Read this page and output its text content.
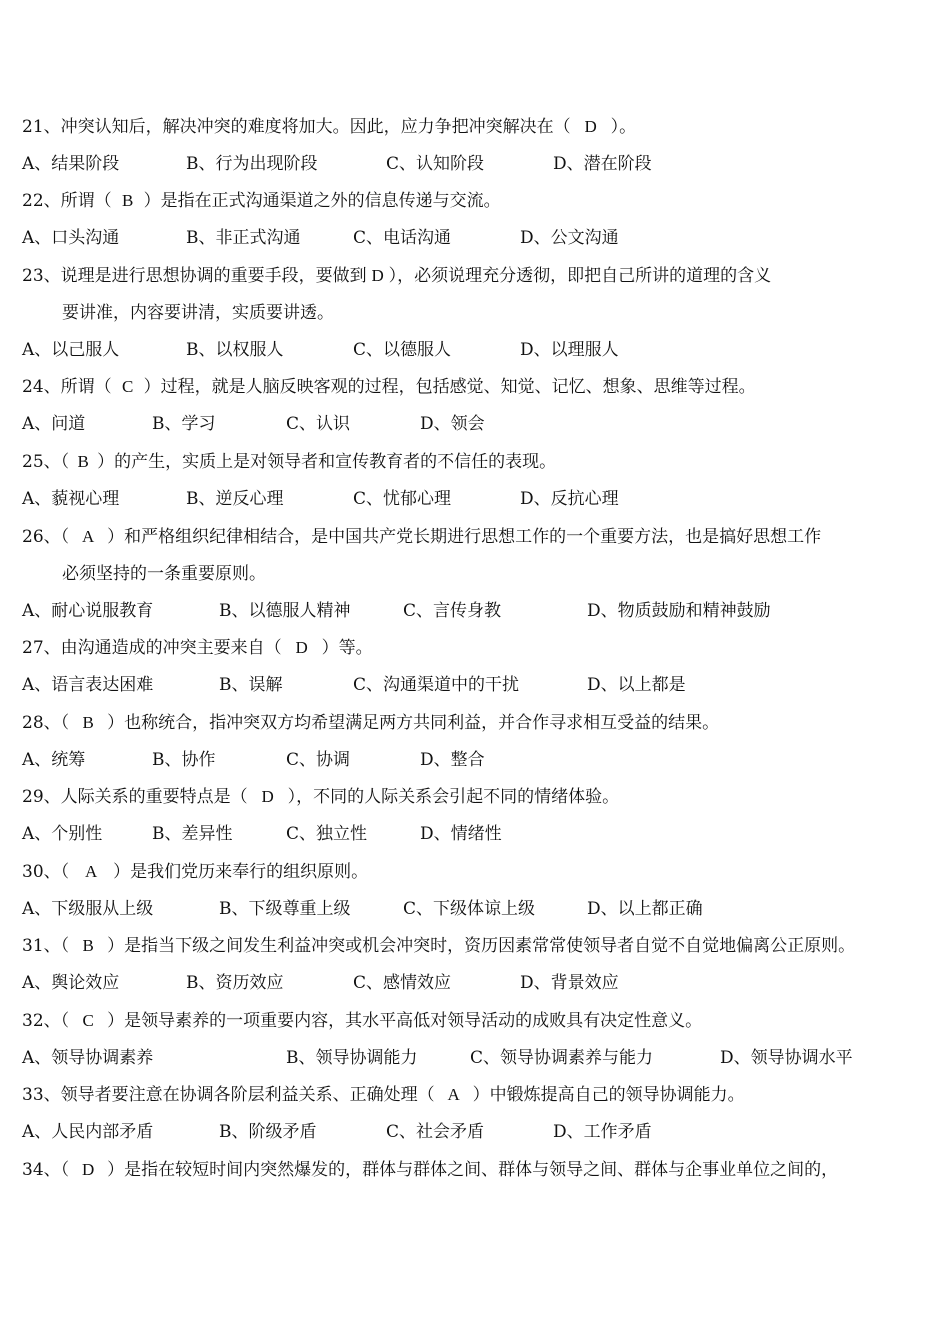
21、冲突认知后，解决冲突的难度将加大。因此，应力争把冲突解决在（ D ）。
A、结果阶段	B、行为出现阶段	C、认知阶段	D、潜在阶段
22、所谓（ B ）是指在正式沟通渠道之外的信息传递与交流。
A、口头沟通	B、非正式沟通	C、电话沟通	D、公文沟通
23、说理是进行思想协调的重要手段，要做到 D ），必须说理充分透彻，即把自己所讲的道理的含义
要讲准，内容要讲清，实质要讲透。
A、以己服人	B、以权服人	C、以德服人	D、以理服人
24、所谓（ C ）过程，就是人脑反映客观的过程，包括感觉、知觉、记忆、想象、思维等过程。
A、问道	B、学习	C、认识	D、领会
25、（ B ）的产生，实质上是对领导者和宣传教育者的不信任的表现。
A、藐视心理	B、逆反心理	C、忧郁心理	D、反抗心理
26、（ A ）和严格组织纪律相结合，是中国共产党长期进行思想工作的一个重要方法，也是搞好思想工作
必须坚持的一条重要原则。
A、耐心说服教育	B、以德服人精神	C、言传身教	D、物质鼓励和精神鼓励
27、由沟通造成的冲突主要来自（ D ）等。
A、语言表达困难	B、误解	C、沟通渠道中的干扰	D、以上都是
28、（ B ）也称统合，指冲突双方均希望满足两方共同利益，并合作寻求相互受益的结果。
A、统筹	B、协作	C、协调	D、整合
29、人际关系的重要特点是（ D ），不同的人际关系会引起不同的情绪体验。
A、个别性	B、差异性	C、独立性	D、情绪性
30、（ A ）是我们党历来奉行的组织原则。
A、下级服从上级	B、下级尊重上级	C、下级体谅上级	D、以上都正确
31、（ B ）是指当下级之间发生利益冲突或机会冲突时，资历因素常常使领导者自觉不自觉地偏离公正原则。
A、舆论效应	B、资历效应	C、感情效应	D、背景效应
32、（ C ）是领导素养的一项重要内容，其水平高低对领导活动的成败具有决定性意义。
A、领导协调素养	B、领导协调能力	C、领导协调素养与能力	D、领导协调水平
33、领导者要注意在协调各阶层利益关系、正确处理（ A ）中锻炼提高自己的领导协调能力。
A、人民内部矛盾	B、阶级矛盾	C、社会矛盾	D、工作矛盾
34、（ D ）是指在较短时间内突然爆发的，群体与群体之间、群体与领导之间、群体与企事业单位之间的，
